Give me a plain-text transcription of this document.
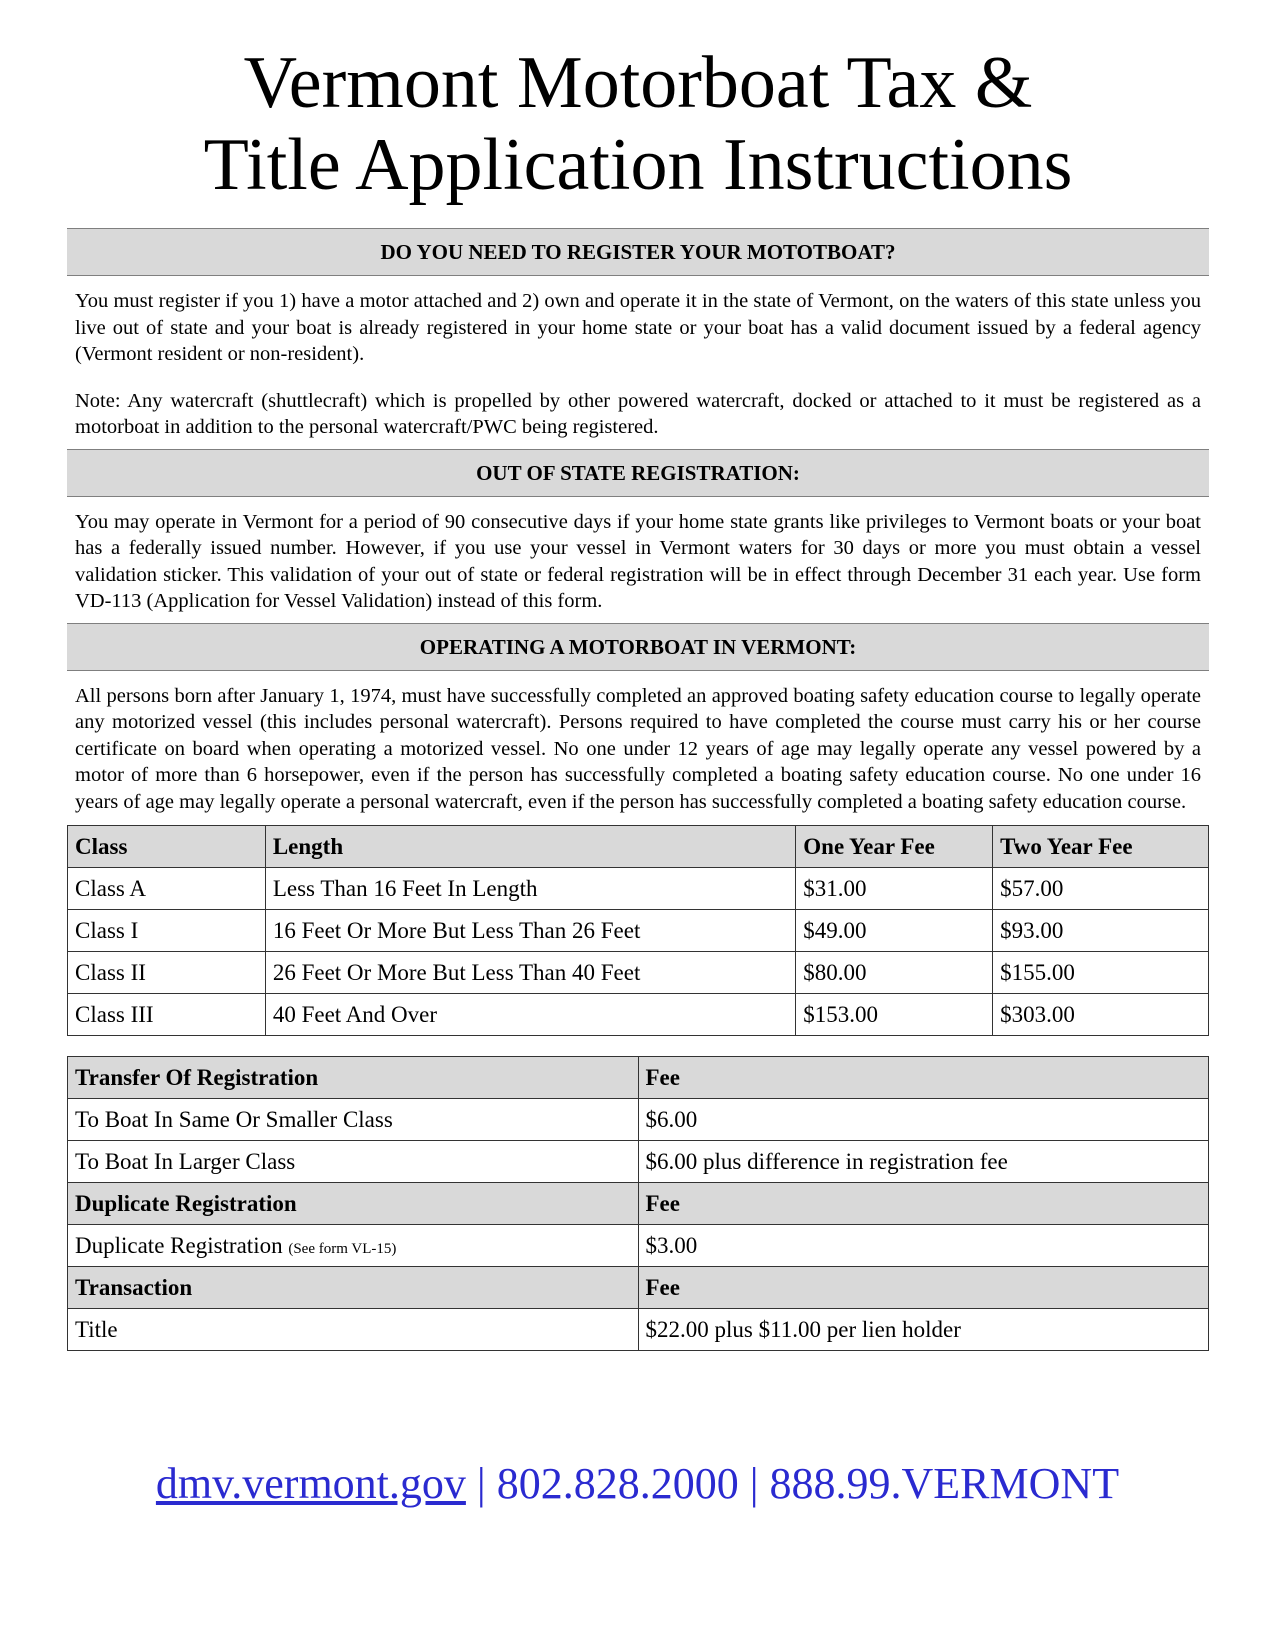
Vermont Motorboat Tax &
Title Application Instructions
DO YOU NEED TO REGISTER YOUR MOTOTBOAT?

You must register if you 1) have a motor attached and 2) own and operate it in the state of Vermont, on the waters of this state unless you live out of state and your boat is already registered in your home state or your boat has a valid document issued by a federal agency (Vermont resident or non-resident).

Note: Any watercraft (shuttlecraft) which is propelled by other powered watercraft, docked or attached to it must be registered as a motorboat in addition to the personal watercraft/PWC being registered.

OUT OF STATE REGISTRATION:

You may operate in Vermont for a period of 90 consecutive days if your home state grants like privileges to Vermont boats or your boat has a federally issued number. However, if you use your vessel in Vermont waters for 30 days or more you must obtain a vessel validation sticker. This validation of your out of state or federal registration will be in effect through December 31 each year. Use form VD-113 (Application for Vessel Validation) instead of this form.

OPERATING A MOTORBOAT IN VERMONT:

All persons born after January 1, 1974, must have successfully completed an approved boating safety education course to legally operate any motorized vessel (this includes personal watercraft). Persons required to have completed the course must carry his or her course certificate on board when operating a motorized vessel. No one under 12 years of age may legally operate any vessel powered by a motor of more than 6 horsepower, even if the person has successfully completed a boating safety education course. No one under 16 years of age may legally operate a personal watercraft, even if the person has successfully completed a boating safety education course.

Class	Length	One Year Fee	Two Year Fee
Class A	Less Than 16 Feet In Length	$31.00	$57.00
Class I	16 Feet Or More But Less Than 26 Feet	$49.00	$93.00
Class II	26 Feet Or More But Less Than 40 Feet	$80.00	$155.00
Class III	40 Feet And Over	$153.00	$303.00
Transfer Of Registration	Fee
To Boat In Same Or Smaller Class	$6.00
To Boat In Larger Class	$6.00 plus difference in registration fee
Duplicate Registration	Fee
Duplicate Registration (See form VL-15)	$3.00
Transaction	Fee
Title	$22.00 plus $11.00 per lien holder
dmv.vermont.gov | 802.828.2000 | 888.99.VERMONT
